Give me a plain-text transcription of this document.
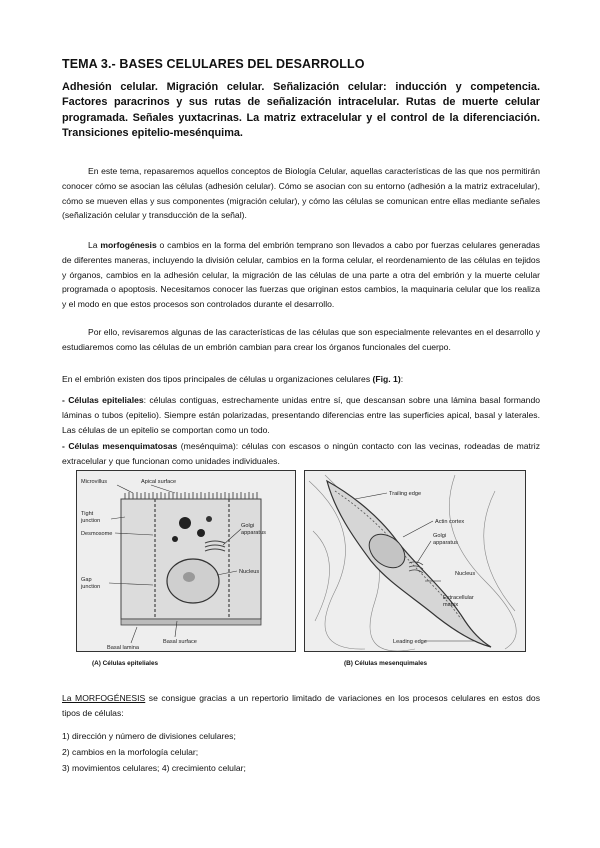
TEMA 3.- BASES CELULARES DEL DESARROLLO
Adhesión celular. Migración celular. Señalización celular: inducción y competencia. Factores paracrinos y sus rutas de señalización intracelular. Rutas de muerte celular programada. Señales yuxtacrinas. La matriz extracelular y el control de la diferenciación. Transiciones epitelio-mesénquima.
En este tema, repasaremos aquellos conceptos de Biología Celular, aquellas características de las que nos permitirán conocer cómo se asocian las células (adhesión celular). Cómo se asocian con su entorno (adhesión a la matriz extracelular), cómo se mueven ellas y sus componentes (migración celular), y cómo las células se comunican entre ellas mediante señales (señalización celular y transducción de la señal).
La morfogénesis o cambios en la forma del embrión temprano son llevados a cabo por fuerzas celulares generadas de diferentes maneras, incluyendo la división celular, cambios en la forma celular, el reordenamiento de las células en tejidos y órganos, cambios en la adhesión celular, la migración de las células de una parte a otra del embrión y la muerte celular programada o apoptosis. Necesitamos conocer las fuerzas que originan estos cambios, la maquinaria celular que los realiza y el modo en que estos procesos son controlados durante el desarrollo.
Por ello, revisaremos algunas de las características de las células que son especialmente relevantes en el desarrollo y estudiaremos como las células de un embrión cambian para crear los órganos funcionales del cuerpo.
En el embrión existen dos tipos principales de células u organizaciones celulares (Fig. 1):
- Células epiteliales: células contiguas, estrechamente unidas entre sí, que descansan sobre una lámina basal formando láminas o tubos (epitelio). Siempre están polarizadas, presentando diferencias entre las superficies apical, basal y laterales. Las células de un epitelio se comportan como un todo.
- Células mesenquimatosas (mesénquima): células con escasos o ningún contacto con las vecinas, rodeadas de matriz extracelular y que funcionan como unidades individuales.
Microvillus	Apical surface
Tight
junction
Desmosome
Golgi
apparatus
Nucleus
Gap
junction
Basal surface
Basal lamina
Trailing edge
Actin cortex
Golgi
apparatus
Nucleus
Extracellular
matrix
Leading edge
(A) Células epiteliales	(B) Células mesenquimales
La MORFOGÉNESIS se consigue gracias a un repertorio limitado de variaciones en los procesos celulares en estos dos tipos de células:
1) dirección y número de divisiones celulares;
2) cambios en la morfología celular;
3) movimientos celulares; 4) crecimiento celular;
